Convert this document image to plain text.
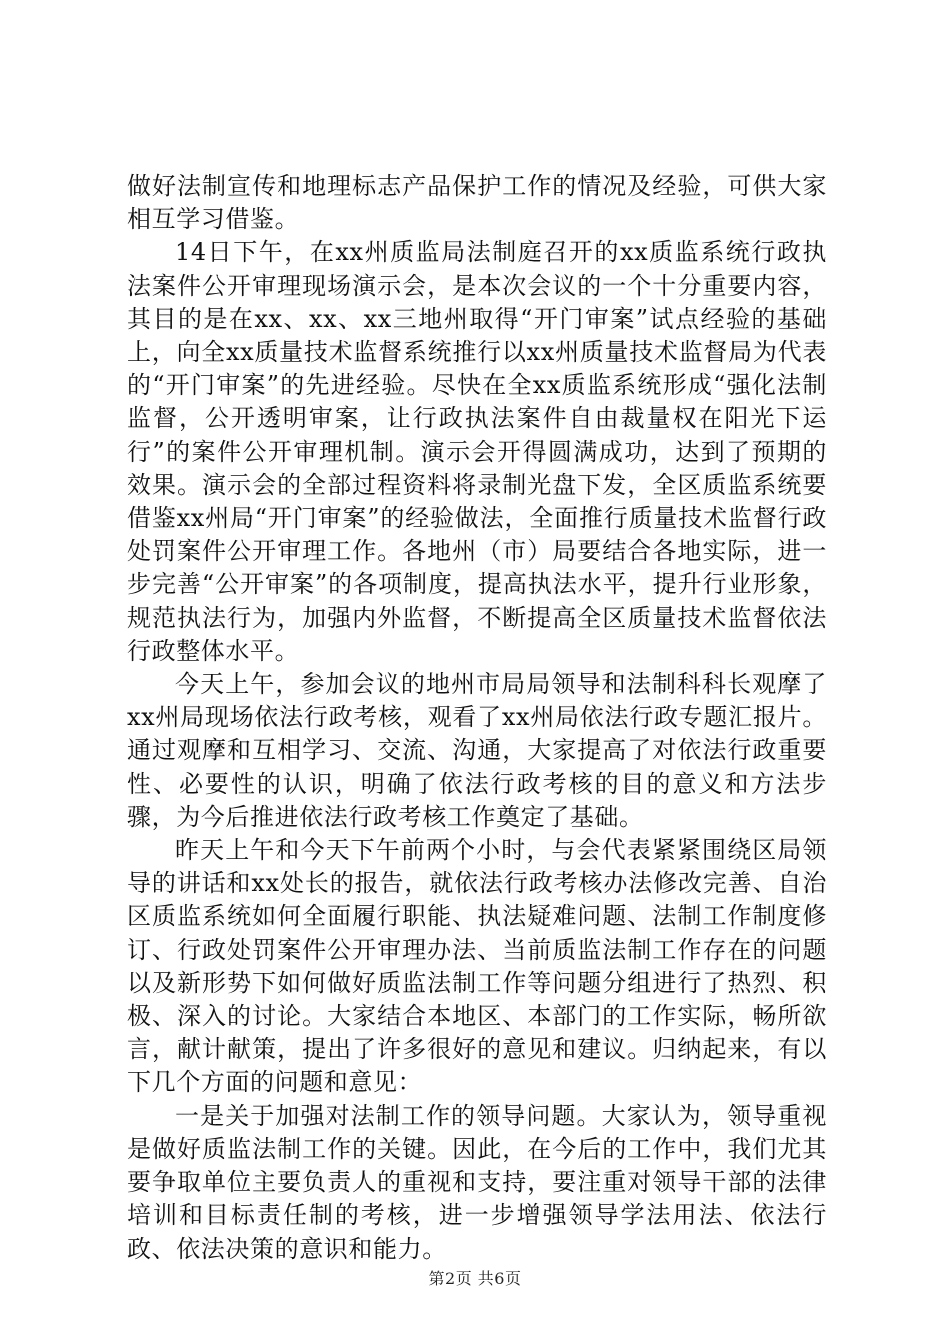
做好法制宣传和地理标志产品保护工作的情况及经验，可供大家相互学习借鉴。

14日下午，在xx州质监局法制庭召开的xx质监系统行政执法案件公开审理现场演示会，是本次会议的一个十分重要内容，其目的是在xx、xx、xx三地州取得“开门审案”试点经验的基础上，向全xx质量技术监督系统推行以xx州质量技术监督局为代表的“开门审案”的先进经验。尽快在全xx质监系统形成“强化法制监督，公开透明审案，让行政执法案件自由裁量权在阳光下运行”的案件公开审理机制。演示会开得圆满成功，达到了预期的效果。演示会的全部过程资料将录制光盘下发，全区质监系统要借鉴xx州局“开门审案”的经验做法，全面推行质量技术监督行政处罚案件公开审理工作。各地州（市）局要结合各地实际，进一步完善“公开审案”的各项制度，提高执法水平，提升行业形象，规范执法行为，加强内外监督，不断提高全区质量技术监督依法行政整体水平。

今天上午，参加会议的地州市局局领导和法制科科长观摩了xx州局现场依法行政考核，观看了xx州局依法行政专题汇报片。通过观摩和互相学习、交流、沟通，大家提高了对依法行政重要性、必要性的认识，明确了依法行政考核的目的意义和方法步骤，为今后推进依法行政考核工作奠定了基础。

昨天上午和今天下午前两个小时，与会代表紧紧围绕区局领导的讲话和xx处长的报告，就依法行政考核办法修改完善、自治区质监系统如何全面履行职能、执法疑难问题、法制工作制度修订、行政处罚案件公开审理办法、当前质监法制工作存在的问题以及新形势下如何做好质监法制工作等问题分组进行了热烈、积极、深入的讨论。大家结合本地区、本部门的工作实际，畅所欲言，献计献策，提出了许多很好的意见和建议。归纳起来，有以下几个方面的问题和意见：

一是关于加强对法制工作的领导问题。大家认为，领导重视是做好质监法制工作的关键。因此，在今后的工作中，我们尤其要争取单位主要负责人的重视和支持，要注重对领导干部的法律培训和目标责任制的考核，进一步增强领导学法用法、依法行政、依法决策的意识和能力。

第2页 共6页
